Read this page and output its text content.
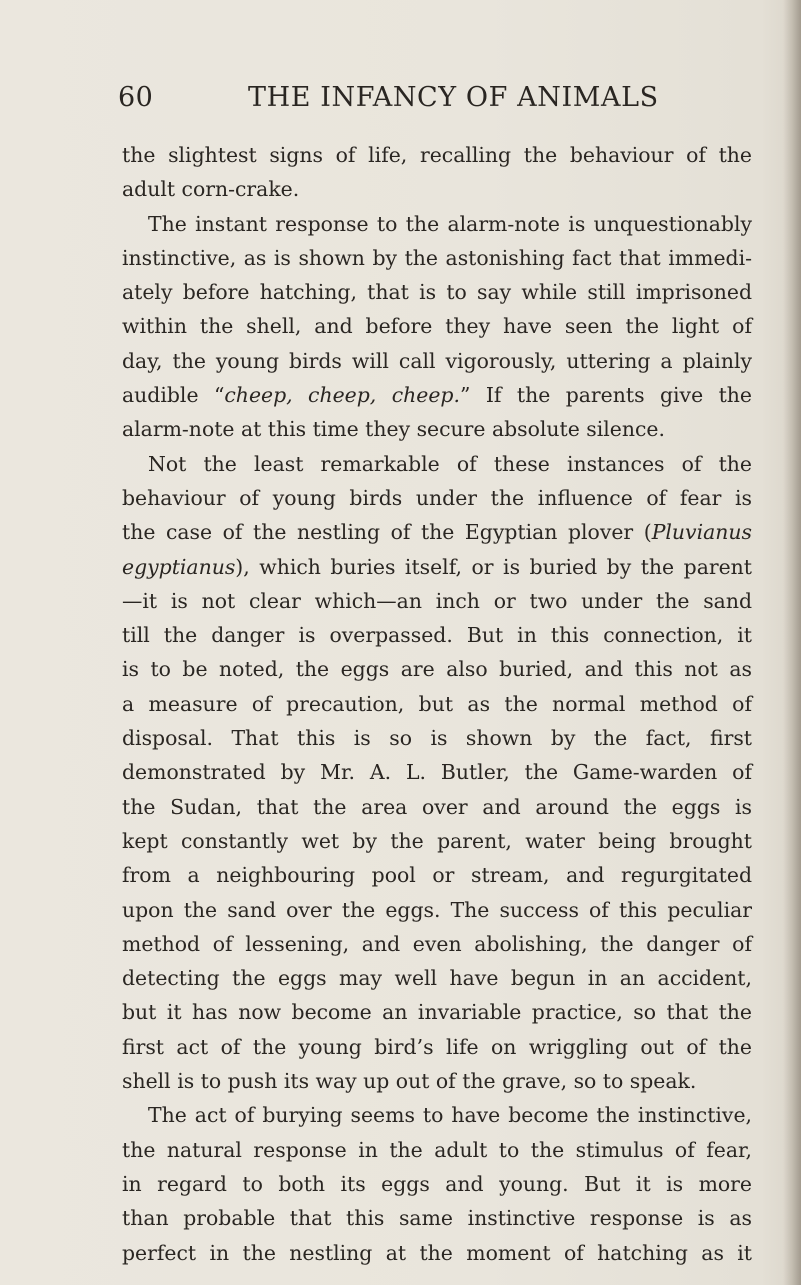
60	THE INFANCY OF ANIMALS
the slightest signs of life, recalling the behaviour of the
adult corn-crake.
The instant response to the alarm-note is unquestionably
instinctive, as is shown by the astonishing fact that immedi-
ately before hatching, that is to say while still imprisoned
within the shell, and before they have seen the light of
day, the young birds will call vigorously, uttering a plainly
audible “cheep, cheep, cheep.” If the parents give the
alarm-note at this time they secure absolute silence.
Not the least remarkable of these instances of the
behaviour of young birds under the influence of fear is
the case of the nestling of the Egyptian plover (Pluvianus
egyptianus), which buries itself, or is buried by the parent
—it is not clear which—an inch or two under the sand
till the danger is overpassed. But in this connection, it
is to be noted, the eggs are also buried, and this not as
a measure of precaution, but as the normal method of
disposal. That this is so is shown by the fact, first
demonstrated by Mr. A. L. Butler, the Game-warden of
the Sudan, that the area over and around the eggs is
kept constantly wet by the parent, water being brought
from a neighbouring pool or stream, and regurgitated
upon the sand over the eggs. The success of this peculiar
method of lessening, and even abolishing, the danger of
detecting the eggs may well have begun in an accident,
but it has now become an invariable practice, so that the
first act of the young bird’s life on wriggling out of the
shell is to push its way up out of the grave, so to speak.
The act of burying seems to have become the instinctive,
the natural response in the adult to the stimulus of fear,
in regard to both its eggs and young. But it is more
than probable that this same instinctive response is as
perfect in the nestling at the moment of hatching as it
